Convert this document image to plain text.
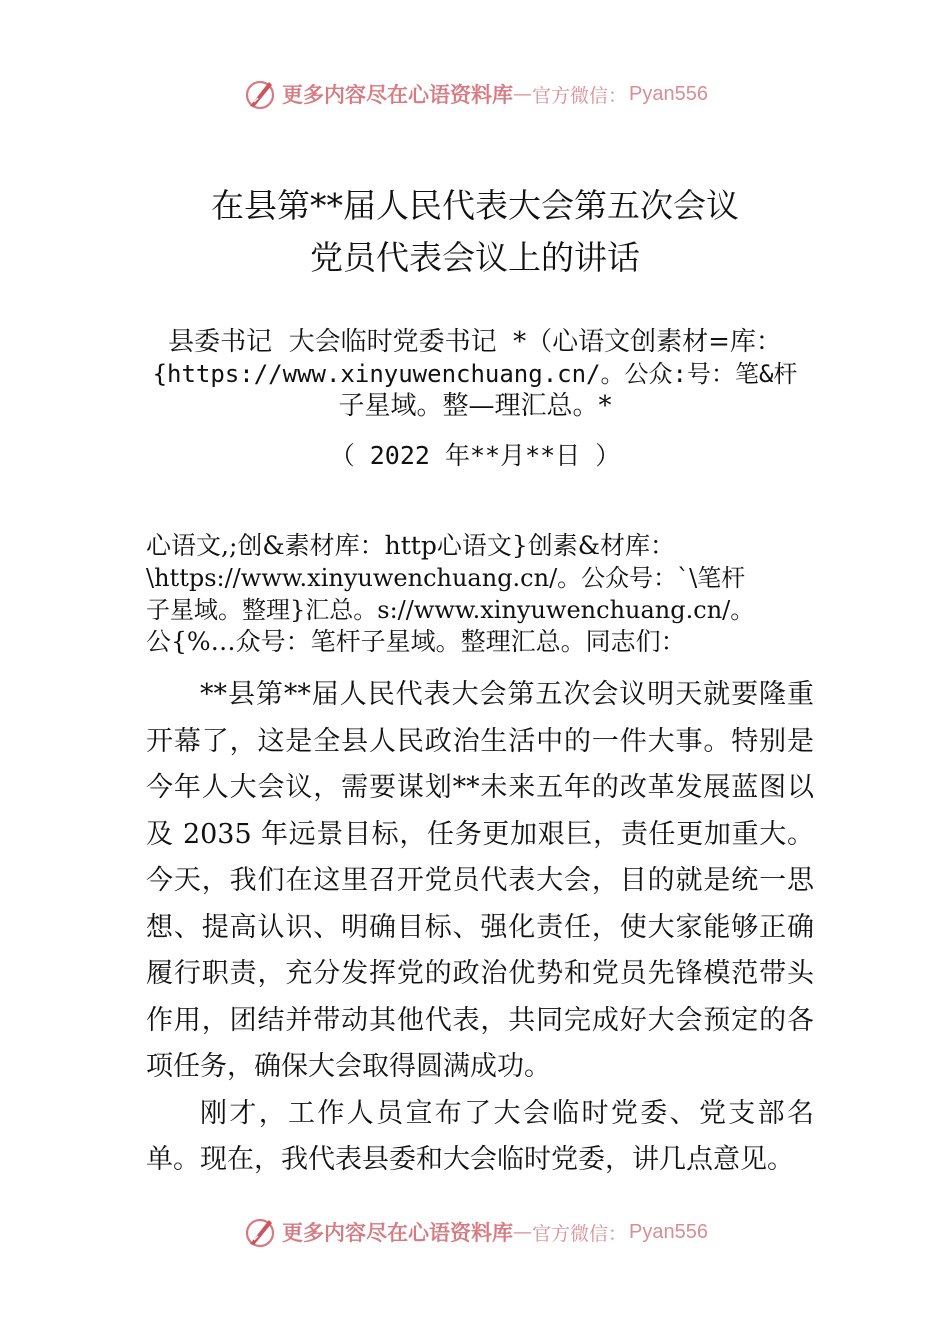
更多内容尽在心语资料库 — 官方微信： Pyan556
在县第**届人民代表大会第五次会议
党员代表会议上的讲话
县委书记  大会临时党委书记  *（心语文创素材=库：
{https://www.xinyuwenchuang.cn/。公众:号：笔&杆
子星域。整—理汇总。*
（ 2022 年**月**日 ）
心语文,;创&素材库：http心语文}创素&材库：
\https://www.xinyuwenchuang.cn/。公众号：`\笔杆
子星域。整理}汇总。s://www.xinyuwenchuang.cn/。
公{%…众号：笔杆子星域。整理汇总。同志们：

**县第**届人民代表大会第五次会议明天就要隆重开幕了，这是全县人民政治生活中的一件大事。特别是今年人大会议，需要谋划**未来五年的改革发展蓝图以及 2035 年远景目标，任务更加艰巨，责任更加重大。今天，我们在这里召开党员代表大会，目的就是统一思想、提高认识、明确目标、强化责任，使大家能够正确履行职责，充分发挥党的政治优势和党员先锋模范带头作用，团结并带动其他代表，共同完成好大会预定的各项任务，确保大会取得圆满成功。

刚才，工作人员宣布了大会临时党委、党支部名单。现在，我代表县委和大会临时党委，讲几点意见。

更多内容尽在心语资料库 — 官方微信： Pyan556
